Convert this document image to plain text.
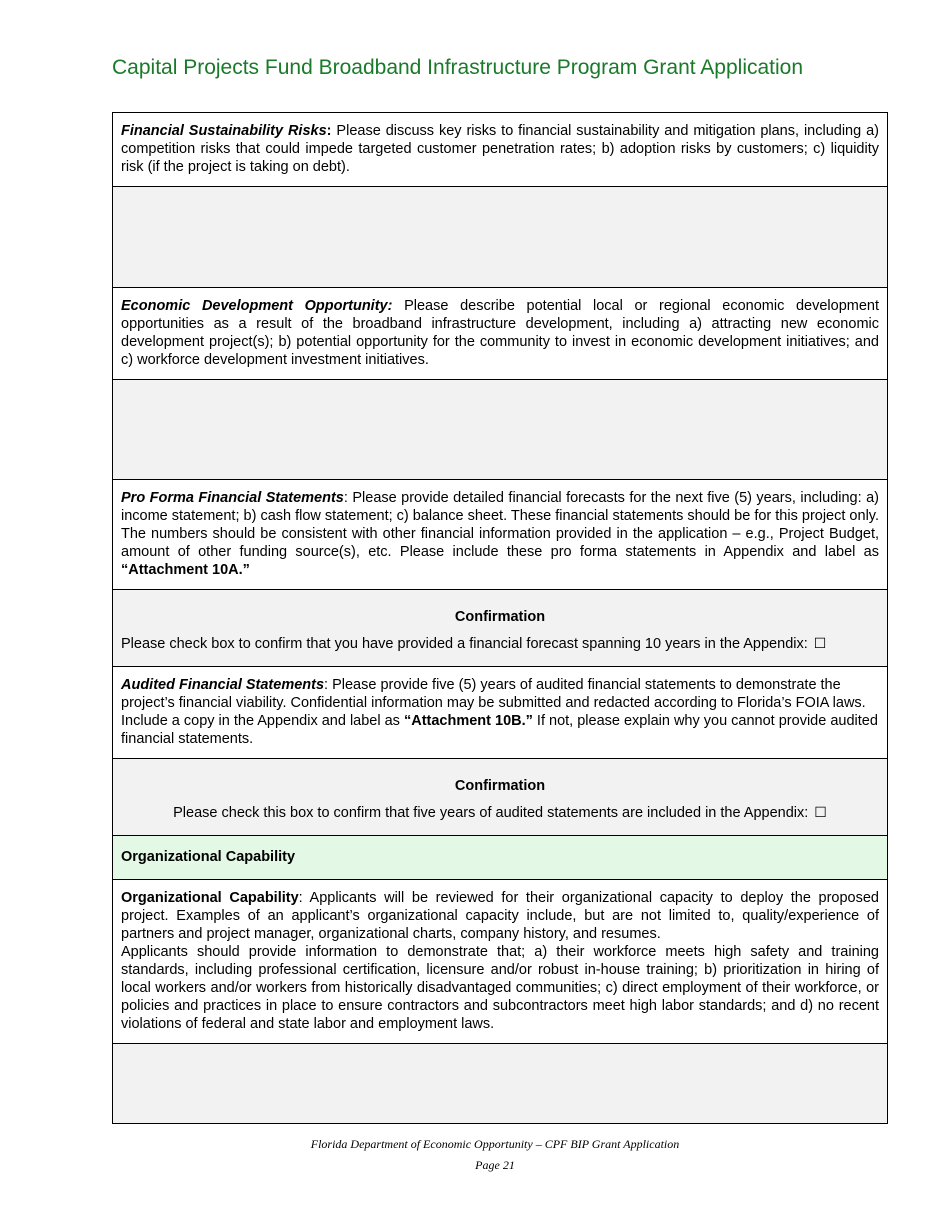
Capital Projects Fund Broadband Infrastructure Program Grant Application
Financial Sustainability Risks: Please discuss key risks to financial sustainability and mitigation plans, including a) competition risks that could impede targeted customer penetration rates; b) adoption risks by customers; c) liquidity risk (if the project is taking on debt).

Economic Development Opportunity: Please describe potential local or regional economic development opportunities as a result of the broadband infrastructure development, including a) attracting new economic development project(s); b) potential opportunity for the community to invest in economic development initiatives; and c) workforce development investment initiatives.

Pro Forma Financial Statements: Please provide detailed financial forecasts for the next five (5) years, including: a) income statement; b) cash flow statement; c) balance sheet. These financial statements should be for this project only. The numbers should be consistent with other financial information provided in the application – e.g., Project Budget, amount of other funding source(s), etc. Please include these pro forma statements in Appendix and label as “Attachment 10A.”

Confirmation
Please check box to confirm that you have provided a financial forecast spanning 10 years in the Appendix: ☐

Audited Financial Statements: Please provide five (5) years of audited financial statements to demonstrate the project’s financial viability. Confidential information may be submitted and redacted according to Florida’s FOIA laws. Include a copy in the Appendix and label as “Attachment 10B.” If not, please explain why you cannot provide audited financial statements.

Confirmation
Please check this box to confirm that five years of audited statements are included in the Appendix: ☐

Organizational Capability

Organizational Capability: Applicants will be reviewed for their organizational capacity to deploy the proposed project. Examples of an applicant’s organizational capacity include, but are not limited to, quality/experience of partners and project manager, organizational charts, company history, and resumes.
Applicants should provide information to demonstrate that; a) their workforce meets high safety and training standards, including professional certification, licensure and/or robust in-house training; b) prioritization in hiring of local workers and/or workers from historically disadvantaged communities; c) direct employment of their workforce, or policies and practices in place to ensure contractors and subcontractors meet high labor standards; and d) no recent violations of federal and state labor and employment laws.

Florida Department of Economic Opportunity – CPF BIP Grant Application
Page 21
